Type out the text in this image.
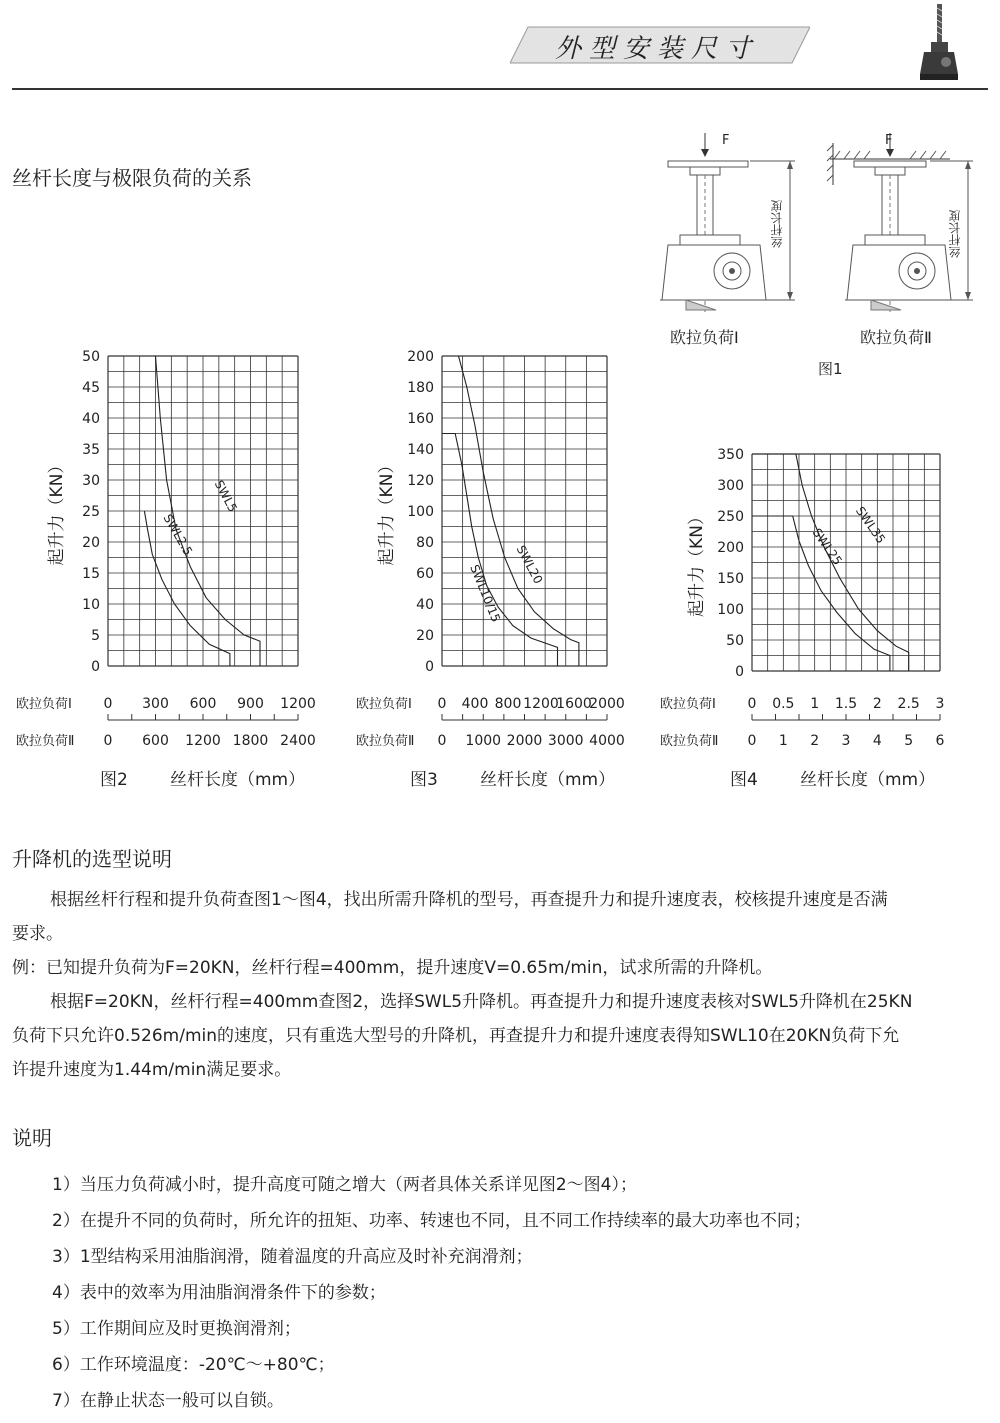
外型安装尺寸
丝杆长度与极限负荷的关系
F	F
丝杆长度	丝杆长度
欧拉负荷Ⅰ	欧拉负荷Ⅱ
图1
0
5
10
15
20
25
30
35
40
45
50
起升力（KN）	SWL5
SWL2.5
欧拉负荷Ⅰ 0 300 600 900 1200
欧拉负荷Ⅱ 0 600 1200 1800 2400
图2 丝杆长度（mm）
0
20
40
60
80
100
120
140
160
180
200
起升力（KN）	SWL20
SWL10/15
欧拉负荷Ⅰ 0 400 800 1200
1600
2000
欧拉负荷Ⅱ 0 1000 2000 3000 4000
图3 丝杆长度（mm）
0
50
100
150
200
250
300
350
起升力（KN）	SWL35
SWL25
欧拉负荷Ⅰ 0 0.5 1 1.5 2 2.5 3
欧拉负荷Ⅱ 0 1 2 3 4 5 6
图4 丝杆长度（mm）
升降机的选型说明
根据丝杆行程和提升负荷查图1～图4，找出所需升降机的型号，再查提升力和提升速度表，校核提升速度是否满
要求。
例：已知提升负荷为F=20KN，丝杆行程=400mm，提升速度V=0.65m/min，试求所需的升降机。
根据F=20KN，丝杆行程=400mm查图2，选择SWL5升降机。再查提升力和提升速度表核对SWL5升降机在25KN
负荷下只允许0.526m/min的速度，只有重选大型号的升降机，再查提升力和提升速度表得知SWL10在20KN负荷下允
许提升速度为1.44m/min满足要求。
说明
1）当压力负荷减小时，提升高度可随之增大（两者具体关系详见图2～图4）；
2）在提升不同的负荷时，所允许的扭矩、功率、转速也不同，且不同工作持续率的最大功率也不同；
3）1型结构采用油脂润滑，随着温度的升高应及时补充润滑剂；
4）表中的效率为用油脂润滑条件下的参数；
5）工作期间应及时更换润滑剂；
6）工作环境温度：-20℃～+80℃；
7）在静止状态一般可以自锁。
